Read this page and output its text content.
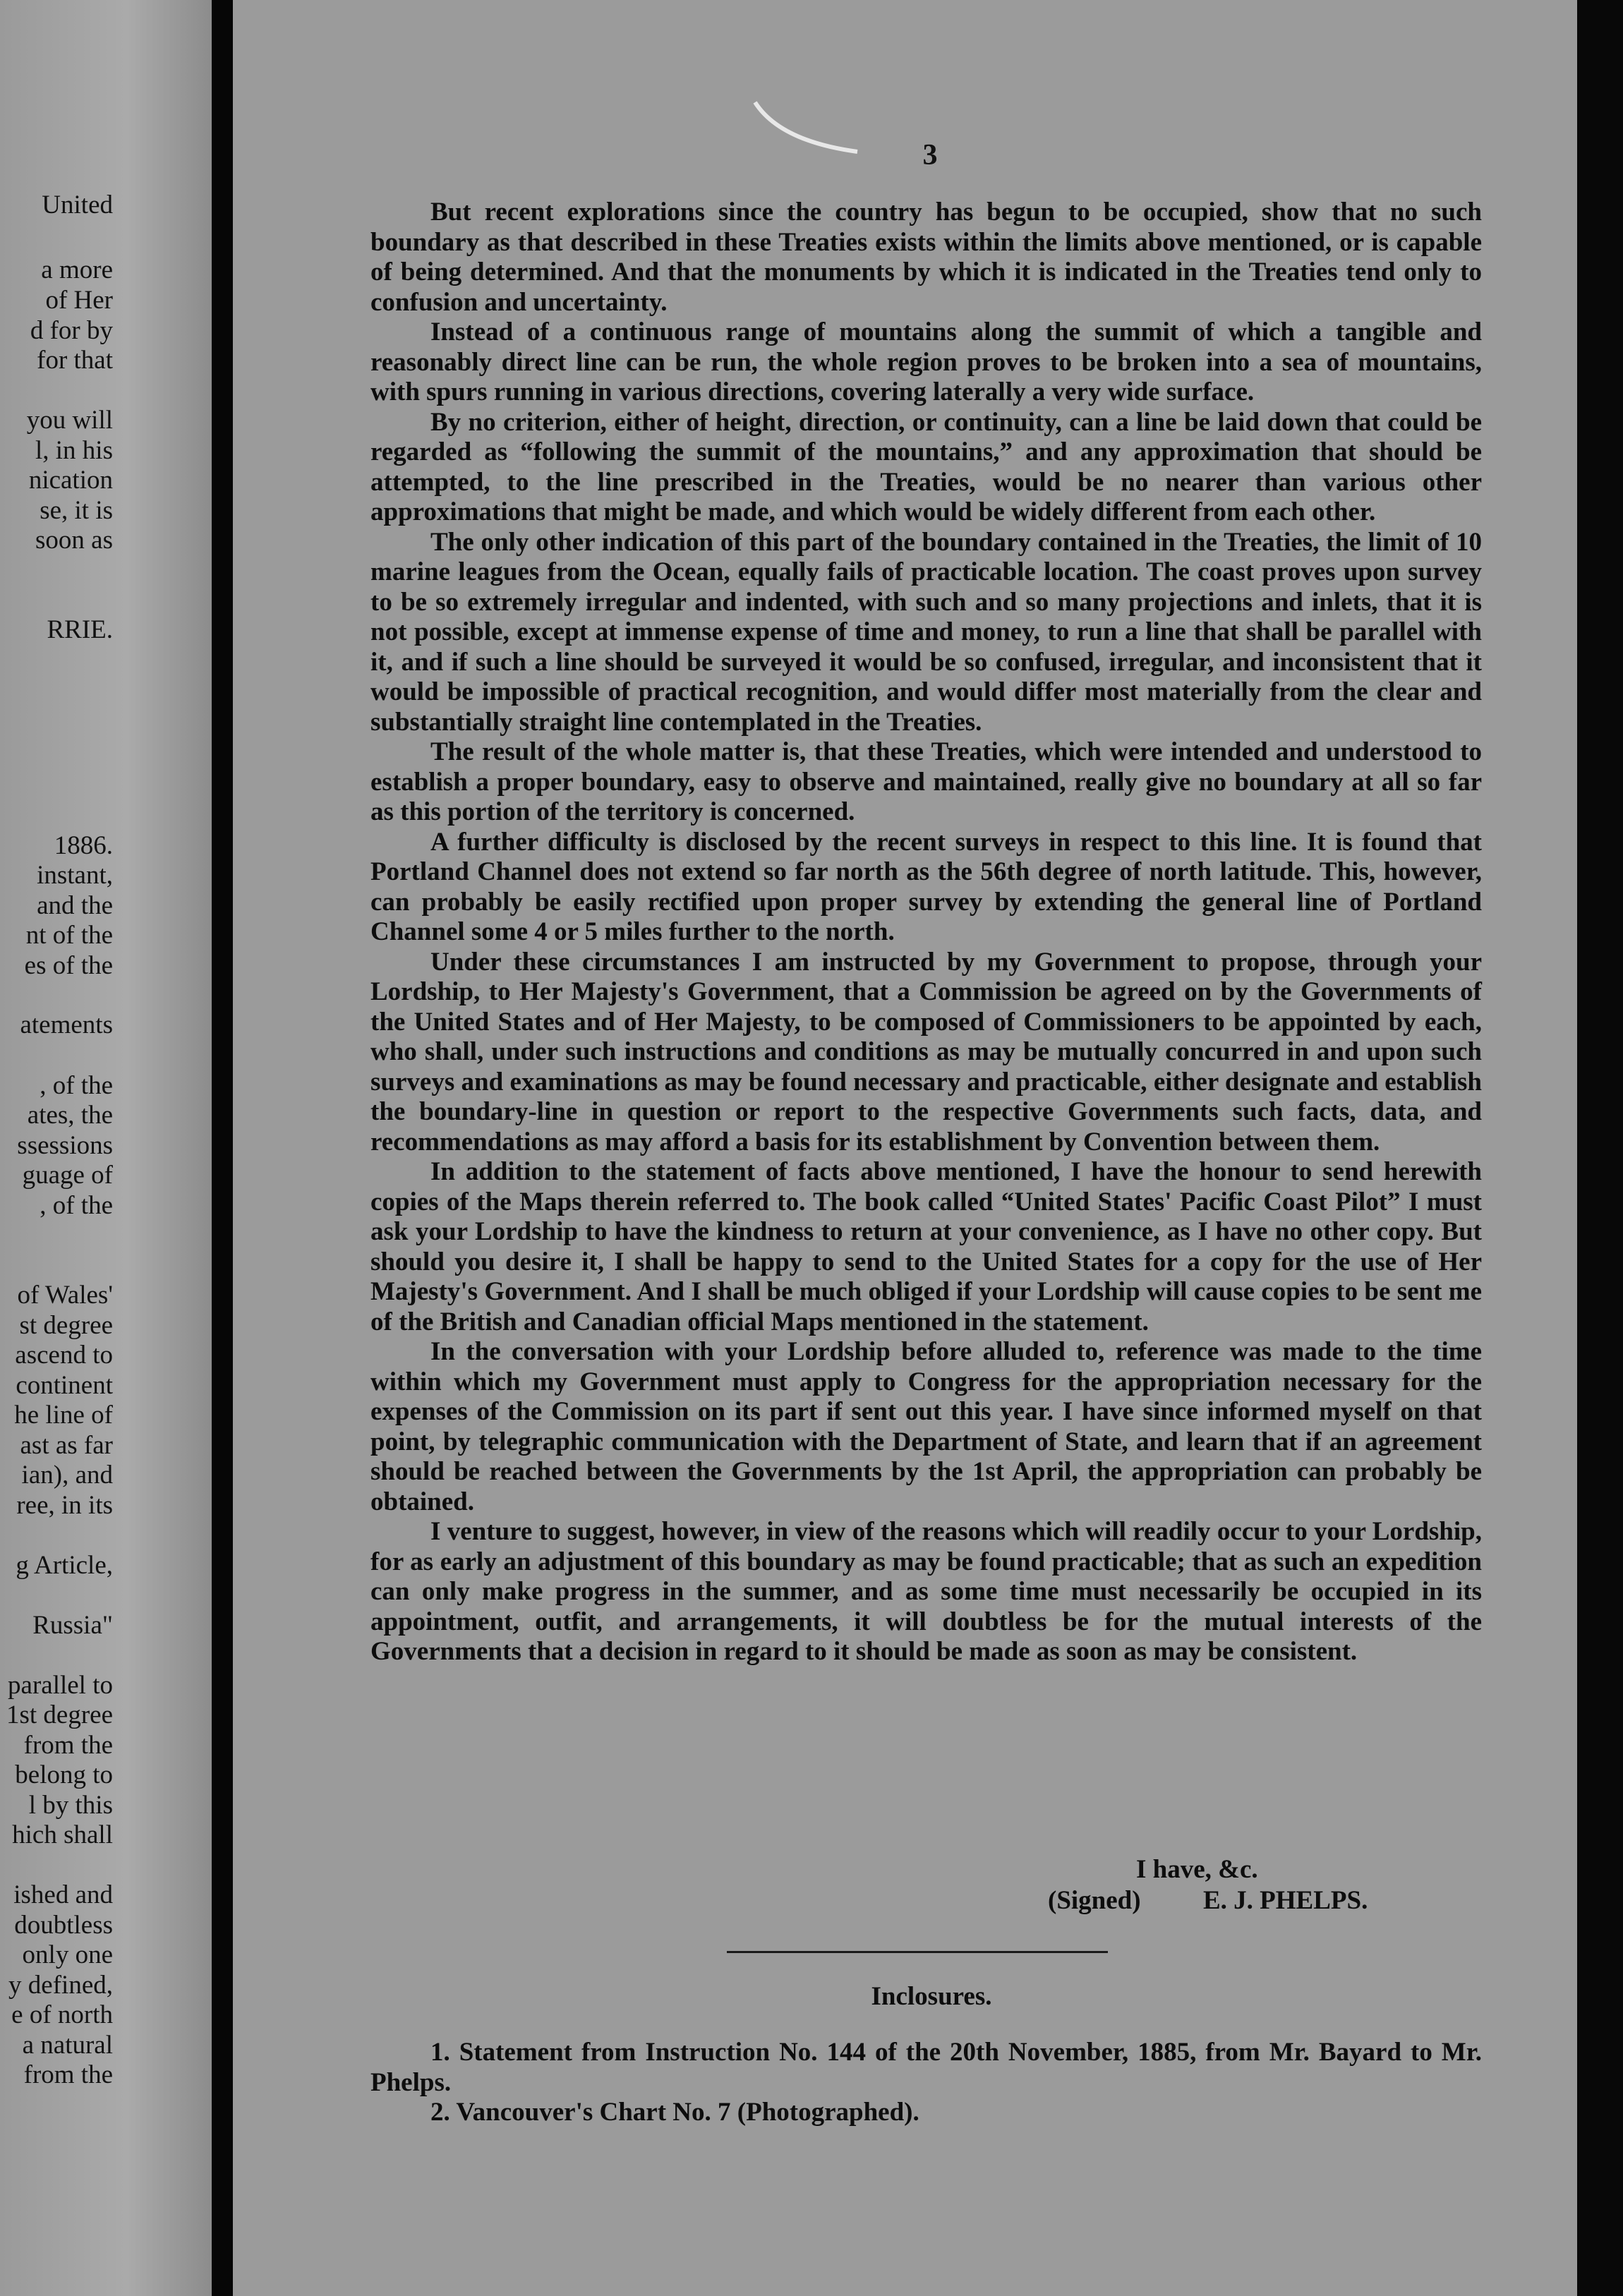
United
a more
of Her
d for by
for that
you will
l, in his
nication
se, it is
soon as
RRIE.
1886.
instant,
and the
nt of the
es of the
atements
, of the
ates, the
ssessions
guage of
, of the
of Wales'
st degree
ascend to
continent
he line of
ast as far
ian), and
ree, in its
g Article,
Russia"
parallel to
1st degree
from the
belong to
l by this
hich shall
ished and
doubtless
only one
y defined,
e of north
a natural
from the
3

But recent explorations since the country has begun to be occupied, show that no such boundary as that described in these Treaties exists within the limits above mentioned, or is capable of being determined. And that the monuments by which it is indicated in the Treaties tend only to confusion and uncertainty.

Instead of a continuous range of mountains along the summit of which a tangible and reasonably direct line can be run, the whole region proves to be broken into a sea of mountains, with spurs running in various directions, covering laterally a very wide surface.

By no criterion, either of height, direction, or continuity, can a line be laid down that could be regarded as “following the summit of the mountains,” and any approximation that should be attempted, to the line prescribed in the Treaties, would be no nearer than various other approximations that might be made, and which would be widely different from each other.

The only other indication of this part of the boundary contained in the Treaties, the limit of 10 marine leagues from the Ocean, equally fails of practicable location. The coast proves upon survey to be so extremely irregular and indented, with such and so many projections and inlets, that it is not possible, except at immense expense of time and money, to run a line that shall be parallel with it, and if such a line should be surveyed it would be so confused, irregular, and inconsistent that it would be impossible of practical recognition, and would differ most materially from the clear and substantially straight line contemplated in the Treaties.

The result of the whole matter is, that these Treaties, which were intended and understood to establish a proper boundary, easy to observe and maintained, really give no boundary at all so far as this portion of the territory is concerned.

A further difficulty is disclosed by the recent surveys in respect to this line. It is found that Portland Channel does not extend so far north as the 56th degree of north latitude. This, however, can probably be easily rectified upon proper survey by extending the general line of Portland Channel some 4 or 5 miles further to the north.

Under these circumstances I am instructed by my Government to propose, through your Lordship, to Her Majesty's Government, that a Commission be agreed on by the Governments of the United States and of Her Majesty, to be composed of Commissioners to be appointed by each, who shall, under such instructions and conditions as may be mutually concurred in and upon such surveys and examinations as may be found necessary and practicable, either designate and establish the boundary-line in question or report to the respective Governments such facts, data, and recommendations as may afford a basis for its establishment by Convention between them.

In addition to the statement of facts above mentioned, I have the honour to send herewith copies of the Maps therein referred to. The book called “United States' Pacific Coast Pilot” I must ask your Lordship to have the kindness to return at your convenience, as I have no other copy. But should you desire it, I shall be happy to send to the United States for a copy for the use of Her Majesty's Government. And I shall be much obliged if your Lordship will cause copies to be sent me of the British and Canadian official Maps mentioned in the statement.

In the conversation with your Lordship before alluded to, reference was made to the time within which my Government must apply to Congress for the appropriation necessary for the expenses of the Commission on its part if sent out this year. I have since informed myself on that point, by telegraphic communication with the Department of State, and learn that if an agreement should be reached between the Governments by the 1st April, the appropriation can probably be obtained.

I venture to suggest, however, in view of the reasons which will readily occur to your Lordship, for as early an adjustment of this boundary as may be found practicable; that as such an expedition can only make progress in the summer, and as some time must necessarily be occupied in its appointment, outfit, and arrangements, it will doubtless be for the mutual interests of the Governments that a decision in regard to it should be made as soon as may be consistent.

I have, &c.
(Signed) E. J. PHELPS.
Inclosures.

1. Statement from Instruction No. 144 of the 20th November, 1885, from Mr. Bayard to Mr. Phelps.

2. Vancouver's Chart No. 7 (Photographed).
